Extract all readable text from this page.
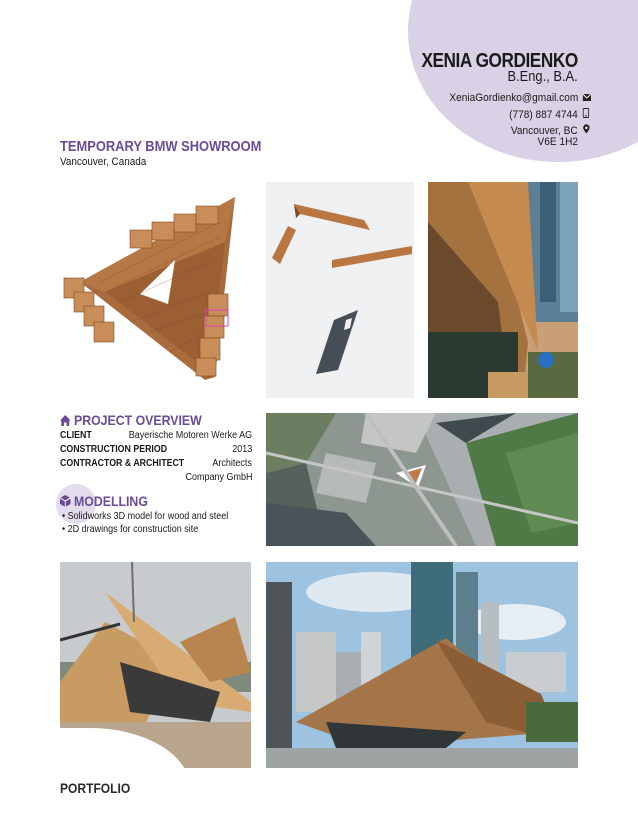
XENIA GORDIENKO
B.Eng., B.A.
XeniaGordienko@gmail.com
(778) 887 4744
Vancouver, BC
V6E 1H2
TEMPORARY BMW SHOWROOM
Vancouver, Canada
PROJECT OVERVIEW
CLIENT	Bayerische Motoren Werke AG
CONSTRUCTION PERIOD	2013
CONTRACTOR & ARCHITECT	Architects
Company GmbH
MODELLING
• Solidworks 3D model for wood and steel
• 2D drawings for construction site
PORTFOLIO
